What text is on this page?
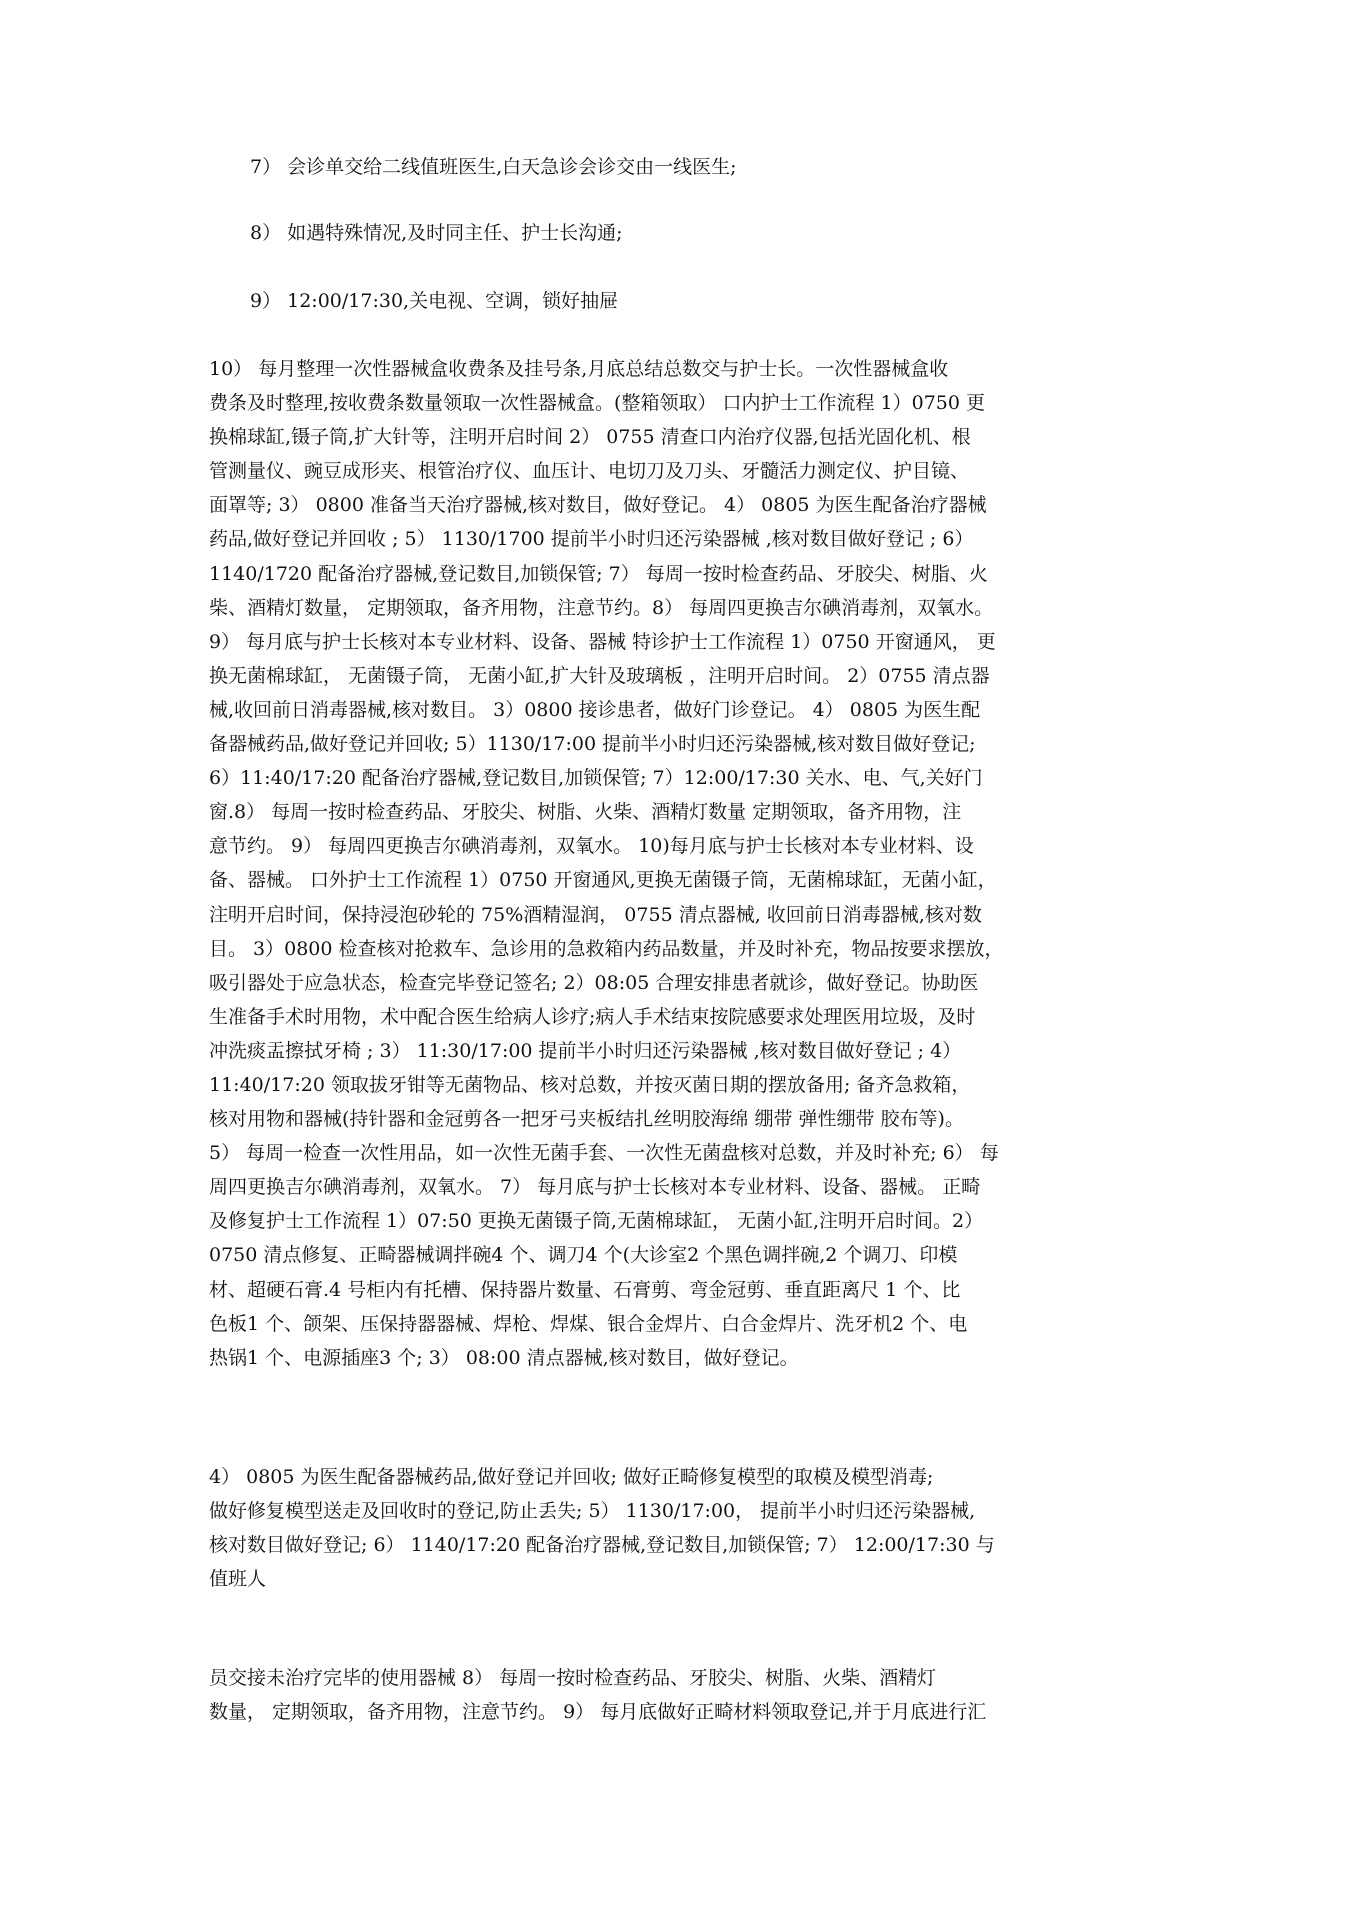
7） 会诊单交给二线值班医生,白天急诊会诊交由一线医生;
8） 如遇特殊情况,及时同主任、护士长沟通;
9） 12:00/17:30,关电视、空调，锁好抽屉
10） 每月整理一次性器械盒收费条及挂号条,月底总结总数交与护士长。一次性器械盒收
费条及时整理,按收费条数量领取一次性器械盒。(整箱领取） 口内护士工作流程 1）0750 更
换棉球缸,镊子筒,扩大针等，注明开启时间 2） 0755 清查口内治疗仪器,包括光固化机、根
管测量仪、豌豆成形夹、根管治疗仪、血压计、电切刀及刀头、牙髓活力测定仪、护目镜、
面罩等; 3） 0800 准备当天治疗器械,核对数目，做好登记。 4） 0805 为医生配备治疗器械
药品,做好登记并回收 ; 5） 1130/1700 提前半小时归还污染器械 ,核对数目做好登记 ; 6）
1140/1720 配备治疗器械,登记数目,加锁保管; 7） 每周一按时检查药品、牙胶尖、树脂、火
柴、酒精灯数量， 定期领取，备齐用物，注意节约。8） 每周四更换吉尔碘消毒剂，双氧水。
9） 每月底与护士长核对本专业材料、设备、器械 特诊护士工作流程 1）0750 开窗通风， 更
换无菌棉球缸， 无菌镊子筒， 无菌小缸,扩大针及玻璃板 ，注明开启时间。 2）0755 清点器
械,收回前日消毒器械,核对数目。 3）0800 接诊患者，做好门诊登记。 4） 0805 为医生配
备器械药品,做好登记并回收; 5）1130/17:00 提前半小时归还污染器械,核对数目做好登记;
6）11:40/17:20 配备治疗器械,登记数目,加锁保管; 7）12:00/17:30 关水、电、气,关好门
窗.8） 每周一按时检查药品、牙胶尖、树脂、火柴、酒精灯数量 定期领取，备齐用物，注
意节约。 9） 每周四更换吉尔碘消毒剂，双氧水。 10)每月底与护士长核对本专业材料、设
备、器械。 口外护士工作流程 1）0750 开窗通风,更换无菌镊子筒，无菌棉球缸，无菌小缸，
注明开启时间，保持浸泡砂轮的 75%酒精湿润， 0755 清点器械, 收回前日消毒器械,核对数
目。 3）0800 检查核对抢救车、急诊用的急救箱内药品数量，并及时补充，物品按要求摆放，
吸引器处于应急状态，检查完毕登记签名; 2）08:05 合理安排患者就诊，做好登记。协助医
生准备手术时用物，术中配合医生给病人诊疗;病人手术结束按院感要求处理医用垃圾，及时
冲洗痰盂擦拭牙椅 ; 3） 11:30/17:00 提前半小时归还污染器械 ,核对数目做好登记 ; 4）
11:40/17:20 领取拔牙钳等无菌物品、核对总数，并按灭菌日期的摆放备用; 备齐急救箱，
核对用物和器械(持针器和金冠剪各一把牙弓夹板结扎丝明胶海绵 绷带 弹性绷带 胶布等)。
5） 每周一检查一次性用品，如一次性无菌手套、一次性无菌盘核对总数，并及时补充; 6） 每
周四更换吉尔碘消毒剂，双氧水。 7） 每月底与护士长核对本专业材料、设备、器械。 正畸
及修复护士工作流程 1）07:50 更换无菌镊子筒,无菌棉球缸， 无菌小缸,注明开启时间。2）
0750 清点修复、正畸器械调拌碗4 个、调刀4 个(大诊室2 个黑色调拌碗,2 个调刀、印模
材、超硬石膏.4 号柜内有托槽、保持器片数量、石膏剪、弯金冠剪、垂直距离尺 1 个、比
色板1 个、颌架、压保持器器械、焊枪、焊煤、银合金焊片、白合金焊片、洗牙机2 个、电
热锅1 个、电源插座3 个; 3） 08:00 清点器械,核对数目，做好登记。
4） 0805 为医生配备器械药品,做好登记并回收; 做好正畸修复模型的取模及模型消毒;
做好修复模型送走及回收时的登记,防止丢失; 5） 1130/17:00， 提前半小时归还污染器械,
核对数目做好登记; 6） 1140/17:20 配备治疗器械,登记数目,加锁保管; 7） 12:00/17:30 与
值班人
员交接未治疗完毕的使用器械 8） 每周一按时检查药品、牙胶尖、树脂、火柴、酒精灯
数量， 定期领取，备齐用物，注意节约。 9） 每月底做好正畸材料领取登记,并于月底进行汇
